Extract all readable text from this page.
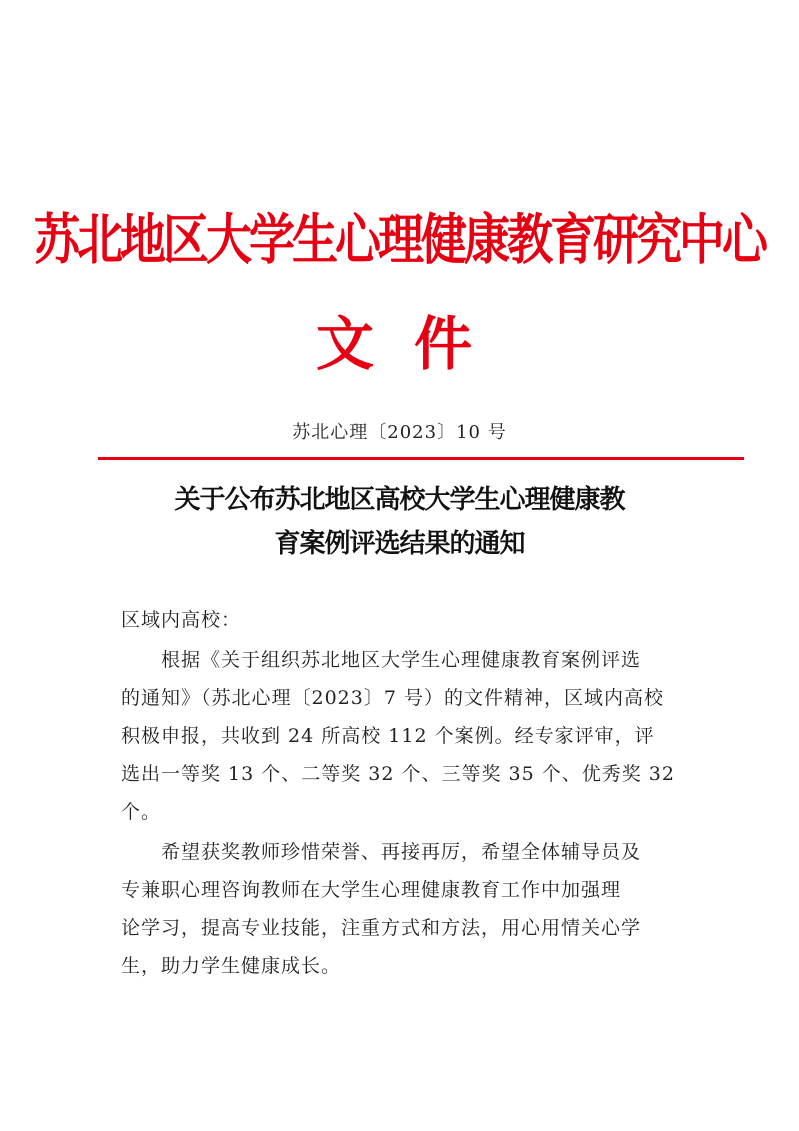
苏北地区大学生心理健康教育研究中心
文 件
苏北心理〔2023〕10 号
关于公布苏北地区高校大学生心理健康教
育案例评选结果的通知
区域内高校：
根据《关于组织苏北地区大学生心理健康教育案例评选
的通知》（苏北心理〔2023〕7 号）的文件精神，区域内高校
积极申报，共收到 24 所高校 112 个案例。经专家评审，评
选出一等奖 13 个、二等奖 32 个、三等奖 35 个、优秀奖 32
个。
希望获奖教师珍惜荣誉、再接再厉，希望全体辅导员及
专兼职心理咨询教师在大学生心理健康教育工作中加强理
论学习，提高专业技能，注重方式和方法，用心用情关心学
生，助力学生健康成长。
